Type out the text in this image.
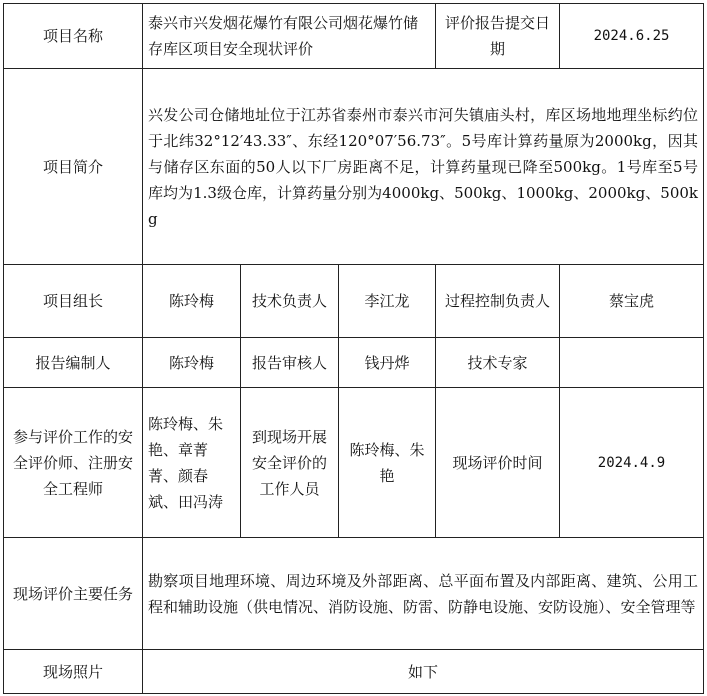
项目名称	泰兴市兴发烟花爆竹有限公司烟花爆竹储存库区项目安全现状评价			评价报告提交日期	2024.6.25
项目简介	兴发公司仓储地址位于江苏省泰州市泰兴市河失镇庙头村，库区场地地理坐标约位于北纬32°12′43.33″、东经120°07′56.73″。5号库计算药量原为2000kg，因其与储存区东面的50人以下厂房距离不足，计算药量现已降至500kg。1号库至5号库均为1.3级仓库，计算药量分别为4000kg、500kg、1000kg、2000kg、500kg				
项目组长	陈玲梅	技术负责人	李江龙	过程控制负责人	蔡宝虎
报告编制人	陈玲梅	报告审核人	钱丹烨	技术专家	
参与评价工作的安全评价师、注册安全工程师	陈玲梅、朱艳、章菁菁、颜春斌、田冯涛	到现场开展安全评价的工作人员	陈玲梅、朱艳	现场评价时间	2024.4.9
现场评价主要任务	勘察项目地理环境、周边环境及外部距离、总平面布置及内部距离、建筑、公用工程和辅助设施（供电情况、消防设施、防雷、防静电设施、安防设施）、安全管理等				
现场照片	如下				
